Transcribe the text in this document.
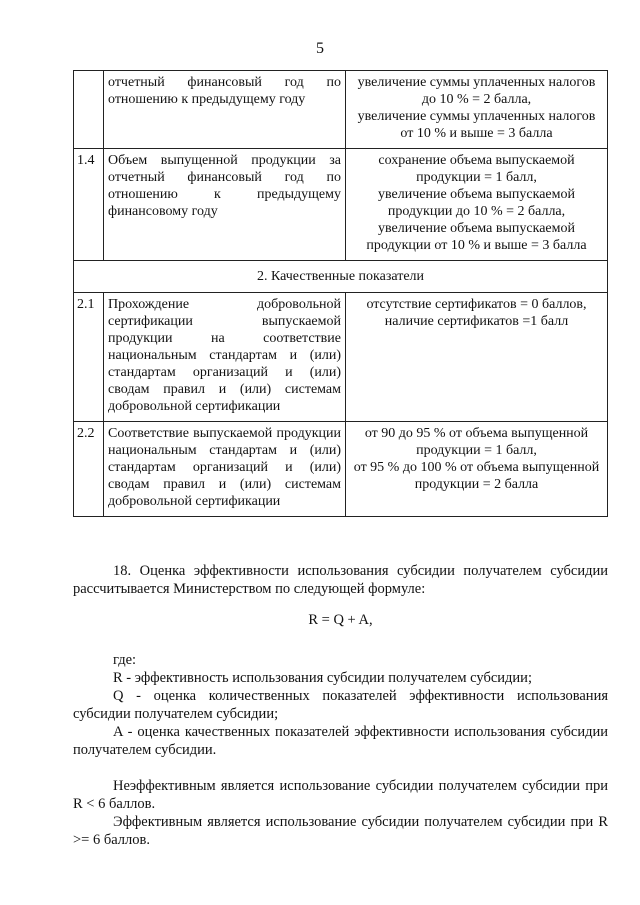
5
	отчетный финансовый год по отношению к предыдущему году	увеличение суммы уплаченных налогов до 10 % = 2 балла,
увеличение суммы уплаченных налогов от 10 % и выше = 3 балла

1.4	Объем выпущенной продукции за отчетный финансовый год по отношению к предыдущему финансовому году	сохранение объема выпускаемой продукции = 1 балл,
увеличение объема выпускаемой продукции до 10 % = 2 балла,
увеличение объема выпускаемой продукции от 10 % и выше = 3 балла

2. Качественные показатели		
2.1	Прохождение добровольной сертификации выпускаемой продукции на соответствие национальным стандартам и (или) стандартам организаций и (или) сводам правил и (или) системам добровольной сертификации	отсутствие сертификатов = 0 баллов,
наличие сертификатов =1 балл

2.2	Соответствие выпускаемой продукции национальным стандартам и (или) стандартам организаций и (или) сводам правил и (или) системам добровольной сертификации	от 90 до 95 % от объема выпущенной продукции = 1 балл,
от 95 % до 100 % от объема выпущенной продукции = 2 балла

18. Оценка эффективности использования субсидии получателем субсидии рассчитывается Министерством по следующей формуле:

R = Q + A,

где:

R - эффективность использования субсидии получателем субсидии;

Q - оценка количественных показателей эффективности использования субсидии получателем субсидии;

A - оценка качественных показателей эффективности использования субсидии получателем субсидии.

Неэффективным является использование субсидии получателем субсидии при R < 6 баллов.

Эффективным является использование субсидии получателем субсидии при R >= 6 баллов.
